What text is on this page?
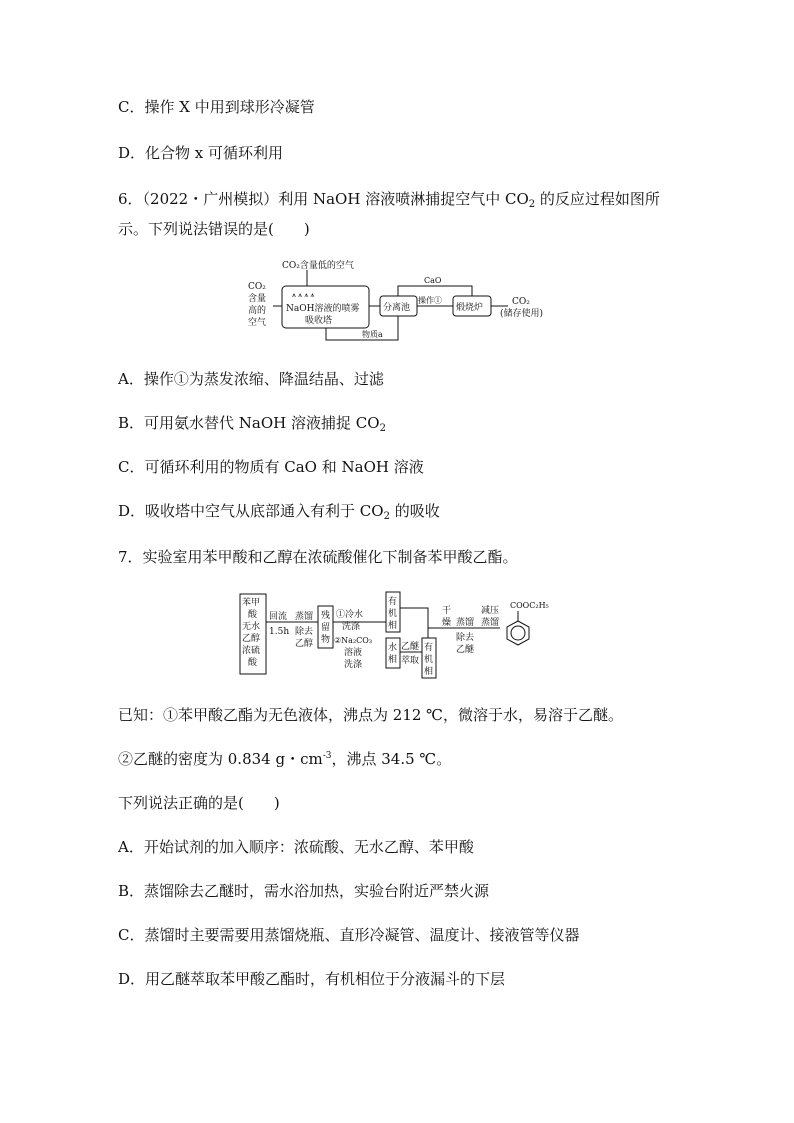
C．操作 X 中用到球形冷凝管
D．化合物 x 可循环利用
6．（2022・广州模拟）利用 NaOH 溶液喷淋捕捉空气中 $CO_2$ 的反应过程如图所
示。下列说法错误的是(　　)
CO₂含量低的空气
CO₂
含量
高的
空气
⩚ ⩚ ⩚ ⩚
NaOH溶液的喷雾
吸收塔
分离池
操作①
煅烧炉
CaO
CO₂
(储存使用)
物质a
A．操作①为蒸发浓缩、降温结晶、过滤
B．可用氨水替代 NaOH 溶液捕捉 $CO_2$
C．可循环利用的物质有 CaO 和 NaOH 溶液
D．吸收塔中空气从底部通入有利于 $CO_2$ 的吸收
7．实验室用苯甲酸和乙醇在浓硫酸催化下制备苯甲酸乙酯。
苯甲
酸
无水
乙醇
浓硫
酸
回流
1.5h
蒸馏
除去
乙醇
残
留
物
①冷水
洗涤
②Na₂CO₃
溶液
洗涤
有
机
相
水
相
乙醚
萃取
有
机
相
干
燥 蒸馏
除去
乙醚
减压
蒸馏
COOC₂H₅
已知：①苯甲酸乙酯为无色液体，沸点为 212 ℃，微溶于水，易溶于乙醚。
②乙醚的密度为 0.834 g・$cm^{-3}$，沸点 34.5 ℃。
下列说法正确的是(　　)
A．开始试剂的加入顺序：浓硫酸、无水乙醇、苯甲酸
B．蒸馏除去乙醚时，需水浴加热，实验台附近严禁火源
C．蒸馏时主要需要用蒸馏烧瓶、直形冷凝管、温度计、接液管等仪器
D．用乙醚萃取苯甲酸乙酯时，有机相位于分液漏斗的下层
